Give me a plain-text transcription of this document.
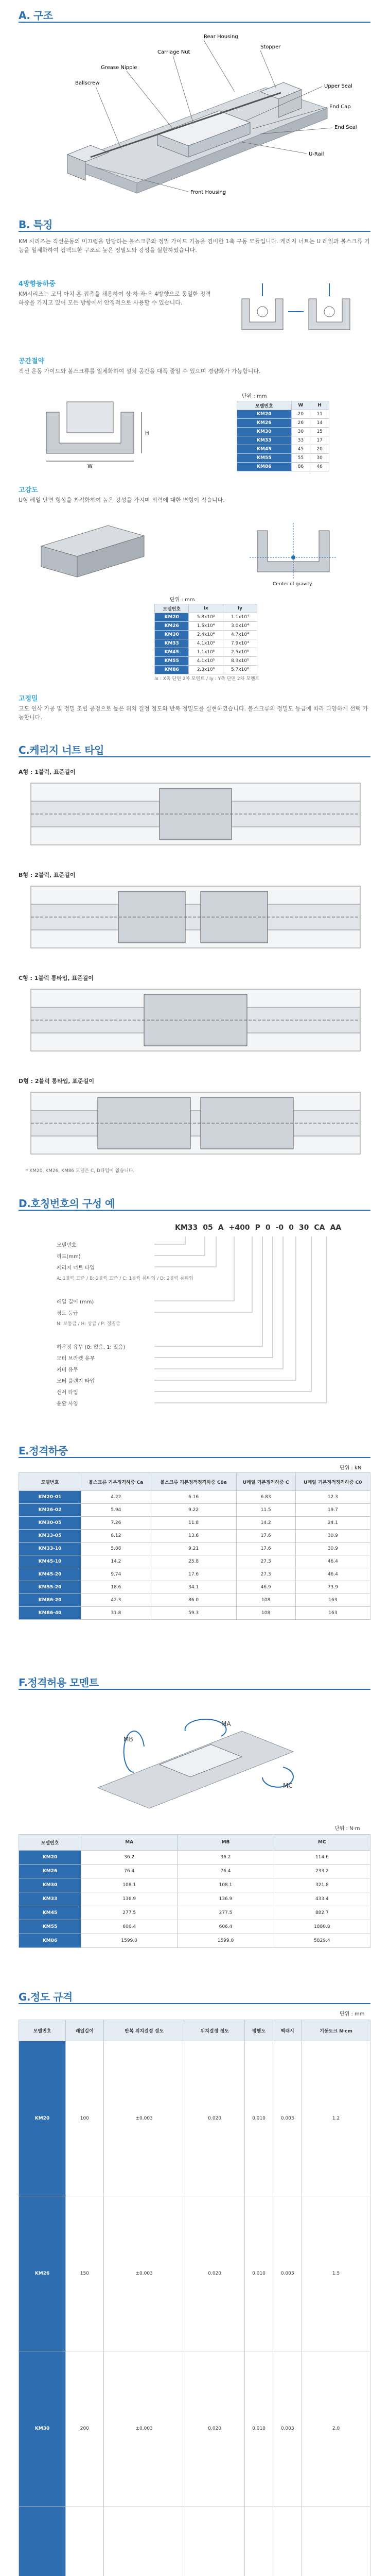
A. 구조
Rear Housing
Stopper
Carriage Nut
Grease Nipple
Ballscrew
Upper Seal
End Cap
End Seal
U-Rail
Front Housing
B. 특징
KM 시리즈는 직선운동의 미끄럼을 담당하는 볼스크류와 정밀 가이드 기능을 겸비한 1축 구동 모듈입니다. 케리지 너트는 U 레일과 볼스크류 기능을 일체화하여 컴팩트한 구조로 높은 정밀도와 강성을 실현하였습니다.
4방향등하중
KM시리즈는 고딕 아치 홈 접촉을 채용하여 상·하·좌·우 4방향으로 동일한 정격하중을 가지고 있어 모든 방향에서 안정적으로 사용할 수 있습니다.
공간절약
직선 운동 가이드와 볼스크류를 일체화하여 설치 공간을 대폭 줄일 수 있으며 경량화가 가능합니다.
W
H
단위 : mm
모델번호	W	H
KM20	20	11
KM26	26	14
KM30	30	15
KM33	33	17
KM45	45	20
KM55	55	30
KM86	86	46
고강도
U형 레일 단면 형상을 최적화하여 높은 강성을 가지며 외력에 대한 변형이 적습니다.
Center of gravity
단위 : mm
모델번호	Ix	Iy
KM20	5.8x10³	1.1x10⁴
KM26	1.5x10⁴	3.0x10⁴
KM30	2.4x10⁴	4.7x10⁴
KM33	4.1x10⁴	7.9x10⁴
KM45	1.1x10⁵	2.5x10⁵
KM55	4.1x10⁵	8.3x10⁵
KM86	2.3x10⁶	5.7x10⁶
Ix : X축 단면 2차 모멘트 / Iy : Y축 단면 2차 모멘트
고정밀
고도 연삭 가공 및 정밀 조립 공정으로 높은 위치 결정 정도와 반복 정밀도를 실현하였습니다. 볼스크류의 정밀도 등급에 따라 다양하게 선택 가능합니다.
C.케리지 너트 타입
A형 : 1블럭, 표준길이
B형 : 2블럭, 표준길이
C형 : 1블럭 롱타입, 표준길이
D형 : 2블럭 롱타입, 표준길이
* KM20, KM26, KM86 모델은 C, D타입이 없습니다.
D.호칭번호의 구성 예
KM33 05 A +400 P 0 -0 0 30 CA AA
모델번호
리드(mm)
케리지 너트 타입
A: 1블럭 표준 / B: 2블럭 표준 / C: 1블럭 롱타입 / D: 2블럭 롱타입
레일 길이 (mm)
정도 등급
N: 보통급 / H: 상급 / P: 정밀급
하우징 유무 (0: 없음, 1: 있음)
모터 브라켓 유무
커버 유무
모터 플랜지 타입
센서 타입
윤활 사양
E.정격하중
단위 : kN
모델번호	볼스크류 기본정격하중 Ca	볼스크류 기본정적정격하중 C0a	U레일 기본정격하중 C	U레일 기본정적정격하중 C0
KM20-01	4.22	6.16	6.83	12.3
KM26-02	5.94	9.22	11.5	19.7
KM30-05	7.26	11.8	14.2	24.1
KM33-05	8.12	13.6	17.6	30.9
KM33-10	5.88	9.21	17.6	30.9
KM45-10	14.2	25.8	27.3	46.4
KM45-20	9.74	17.6	27.3	46.4
KM55-20	18.6	34.1	46.9	73.9
KM86-20	42.3	86.0	108	163
KM86-40	31.8	59.3	108	163
F.정격허용 모멘트
MA
MB
MC
단위 : N·m
모델번호	MA	MB	MC
KM20	36.2	36.2	114.6
KM26	76.4	76.4	233.2
KM30	108.1	108.1	321.8
KM33	136.9	136.9	433.4
KM45	277.5	277.5	882.7
KM55	606.4	606.4	1880.8
KM86	1599.0	1599.0	5829.4
G.정도 규격
단위 : mm
모델번호	레일길이	반복 위치결정 정도	위치결정 정도	평행도	백래시	기동토크 N·cm
KM20	100	±0.003	0.020	0.010	0.003	1.2
KM26	150	±0.003	0.020	0.010	0.003	1.5
KM30	200	±0.003	0.020	0.010	0.003	2.0
